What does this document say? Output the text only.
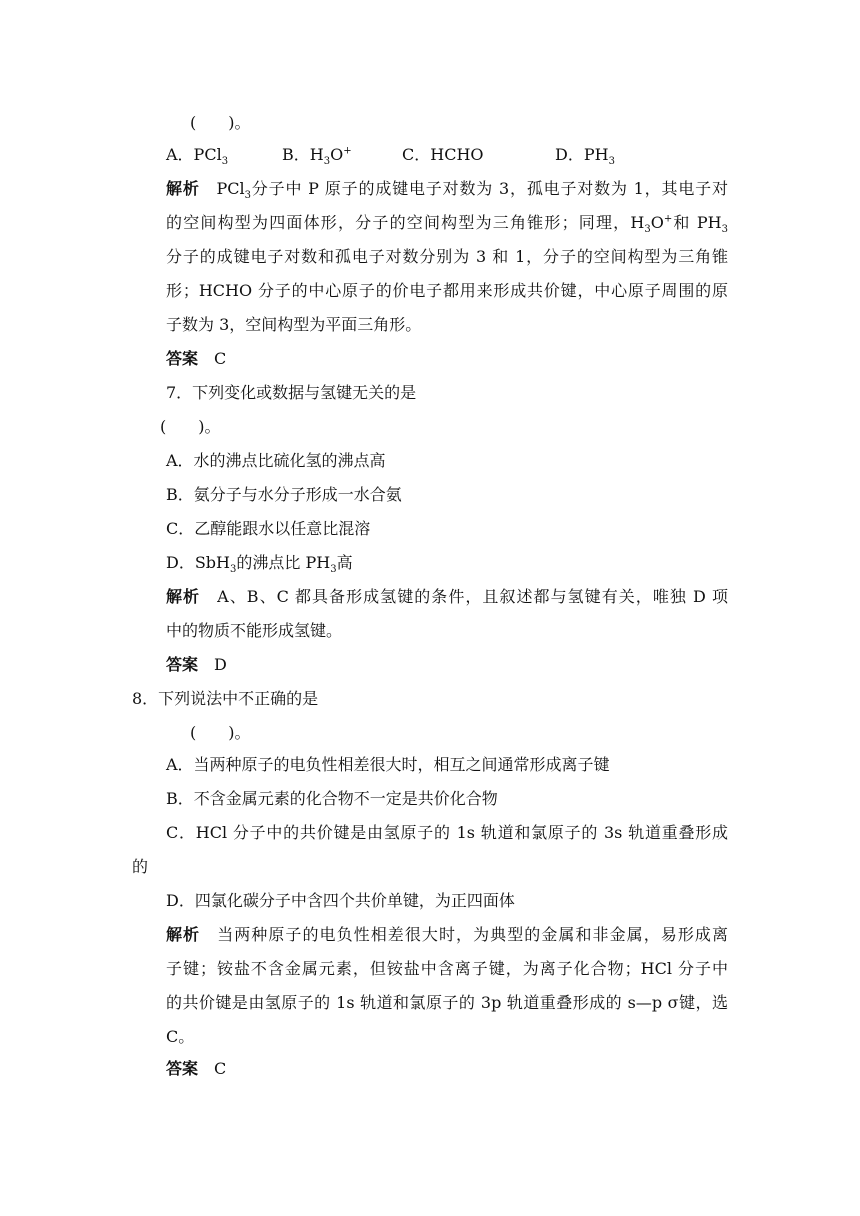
(　　)。
A．PCl$_3$	B．$H_3O^+$	C．HCHO	D．$PH_3$
解析　 PCl$_3$分子中 P 原子的成键电子对数为 3，孤电子对数为 1，其电子对
的空间构型为四面体形，分子的空间构型为三角锥形；同理，$H_3O^+$和 $PH_3$
分子的成键电子对数和孤电子对数分别为 3 和 1，分子的空间构型为三角锥
形；HCHO 分子的中心原子的价电子都用来形成共价键，中心原子周围的原
子数为 3，空间构型为平面三角形。
答案　 C
7．下列变化或数据与氢键无关的是
(　　)。
A．水的沸点比硫化氢的沸点高
B．氨分子与水分子形成一水合氨
C．乙醇能跟水以任意比混溶
D．SbH$_3$的沸点比 $PH_3$高
解析　 A、B、C 都具备形成氢键的条件，且叙述都与氢键有关，唯独 D 项
中的物质不能形成氢键。
答案　 D
8．下列说法中不正确的是
(　　)。
A．当两种原子的电负性相差很大时，相互之间通常形成离子键
B．不含金属元素的化合物不一定是共价化合物
C．HCl 分子中的共价键是由氢原子的 1s 轨道和氯原子的 3s 轨道重叠形成
的
D．四氯化碳分子中含四个共价单键，为正四面体
解析　 当两种原子的电负性相差很大时，为典型的金属和非金属，易形成离
子键；铵盐不含金属元素，但铵盐中含离子键，为离子化合物；HCl 分子中
的共价键是由氢原子的 1s 轨道和氯原子的 3p 轨道重叠形成的 s—p σ键，选
C。
答案　 C
